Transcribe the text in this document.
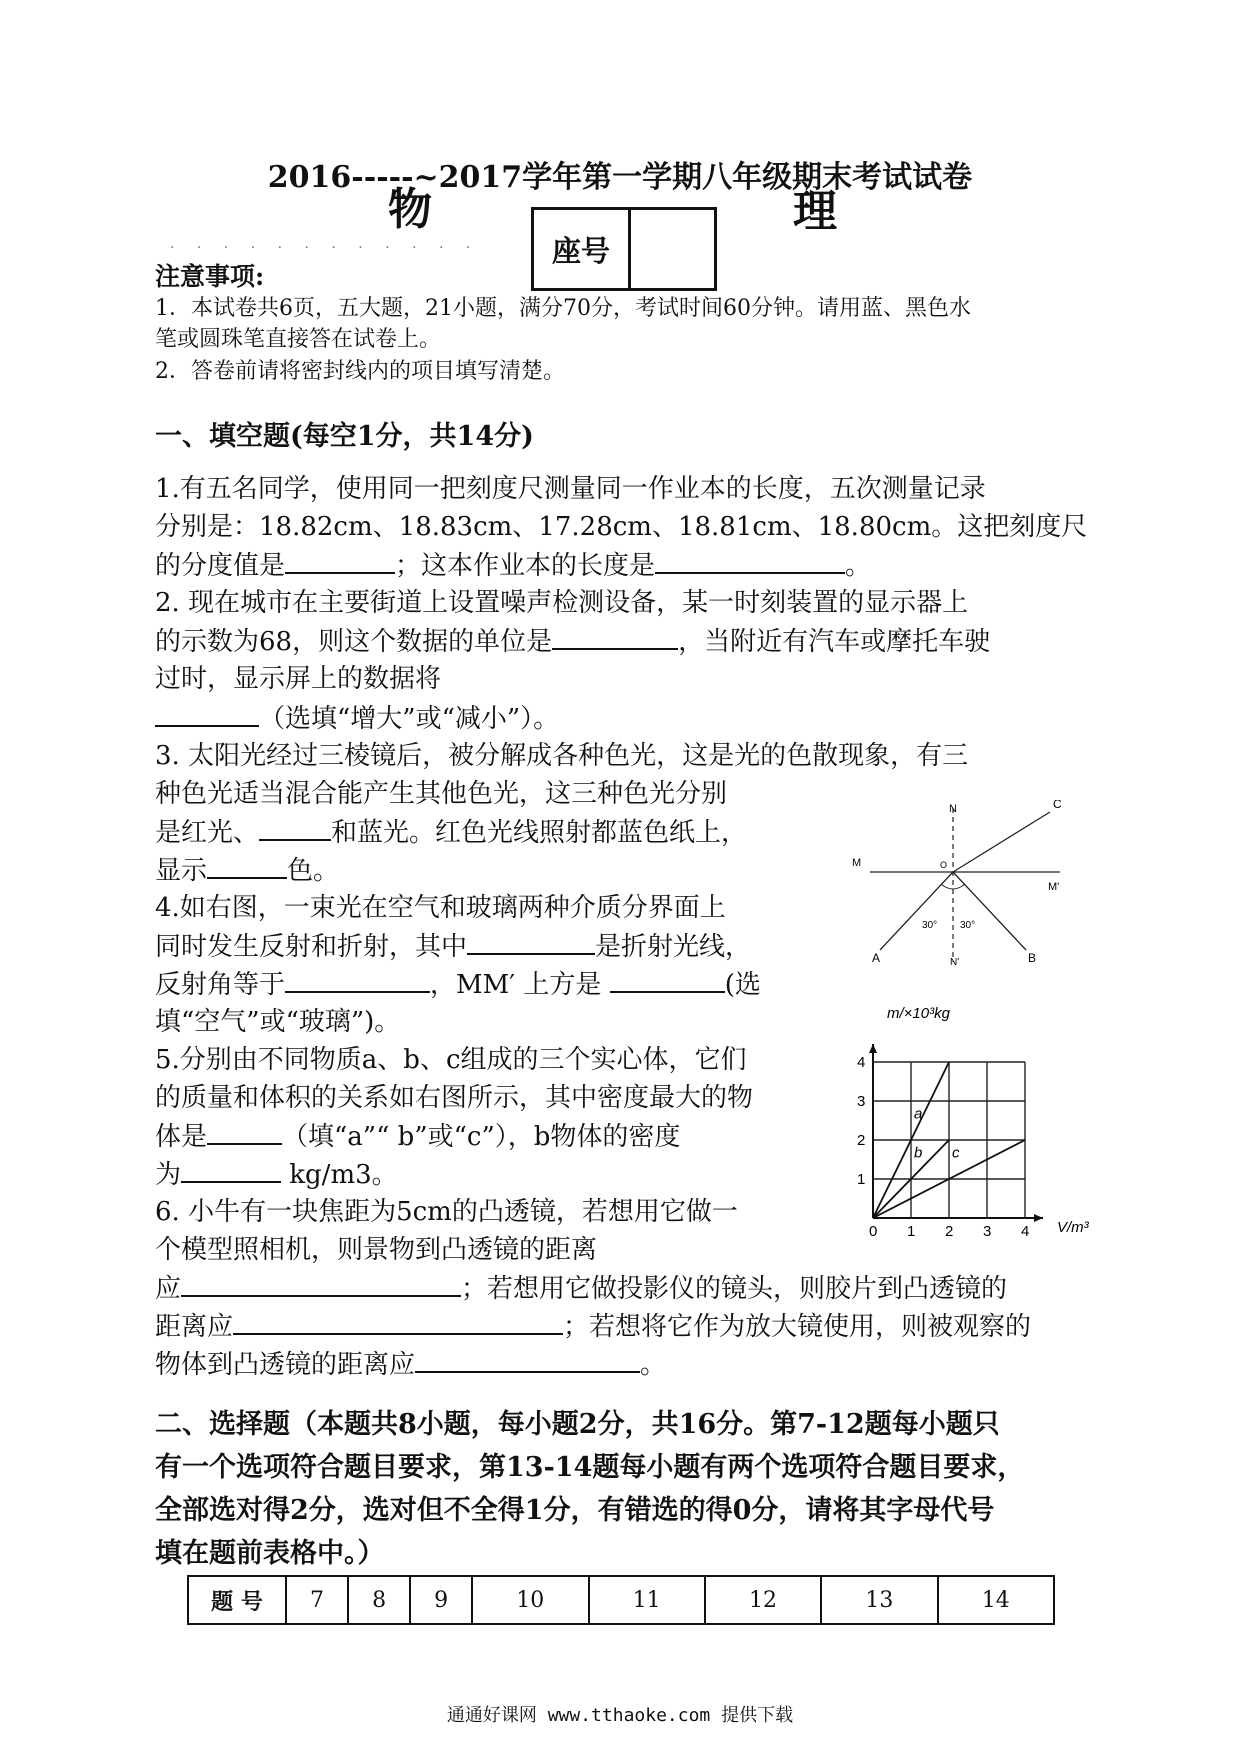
2016-----~2017学年第一学期八年级期末考试试卷
. . . . . . . . . . . .
物	理
座号
注意事项:
1．本试卷共6页，五大题，21小题，满分70分，考试时间60分钟。请用蓝、黑色水
笔或圆珠笔直接答在试卷上。
2．答卷前请将密封线内的项目填写清楚。
一、填空题(每空1分，共14分)
1.有五名同学，使用同一把刻度尺测量同一作业本的长度，五次测量记录
分别是：18.82cm、18.83cm、17.28cm、18.81cm、18.80cm。这把刻度尺
的分度值是	；这本作业本的长度是	。
2. 现在城市在主要街道上设置噪声检测设备，某一时刻装置的显示器上
的示数为68，则这个数据的单位是	，当附近有汽车或摩托车驶
过时，显示屏上的数据将
（选填“增大”或“减小”）。
3. 太阳光经过三棱镜后，被分解成各种色光，这是光的色散现象，有三
种色光适当混合能产生其他色光，这三种色光分别
是红光、	和蓝光。红色光线照射都蓝色纸上，
显示	色。
4.如右图，一束光在空气和玻璃两种介质分界面上
同时发生反射和折射，其中	是折射光线，
反射角等于	，MM′ 上方是	(选
填“空气”或“玻璃”)。
5.分别由不同物质a、b、c组成的三个实心体，它们
的质量和体积的关系如右图所示，其中密度最大的物
体是	（填“a”“ b”或“c”），b物体的密度
为	kg/m3。
6. 小牛有一块焦距为5cm的凸透镜，若想用它做一
个模型照相机，则景物到凸透镜的距离
应	；若想用它做投影仪的镜头，则胶片到凸透镜的
距离应	；若想将它作为放大镜使用，则被观察的
物体到凸透镜的距离应	。
N
O
C
M
M'
A	B
N'
30° 30°
a
b c
0 1 2 3 4
1
2
3
4
m/×10³kg
V/m³
二、选择题（本题共8小题，每小题2分，共16分。第7-12题每小题只
有一个选项符合题目要求，第13-14题每小题有两个选项符合题目要求，
全部选对得2分，选对但不全得1分，有错选的得0分，请将其字母代号
填在题前表格中。）
题 号	7	8	9	10	11	12	13	14
通通好课网 www.tthaoke.com 提供下载
